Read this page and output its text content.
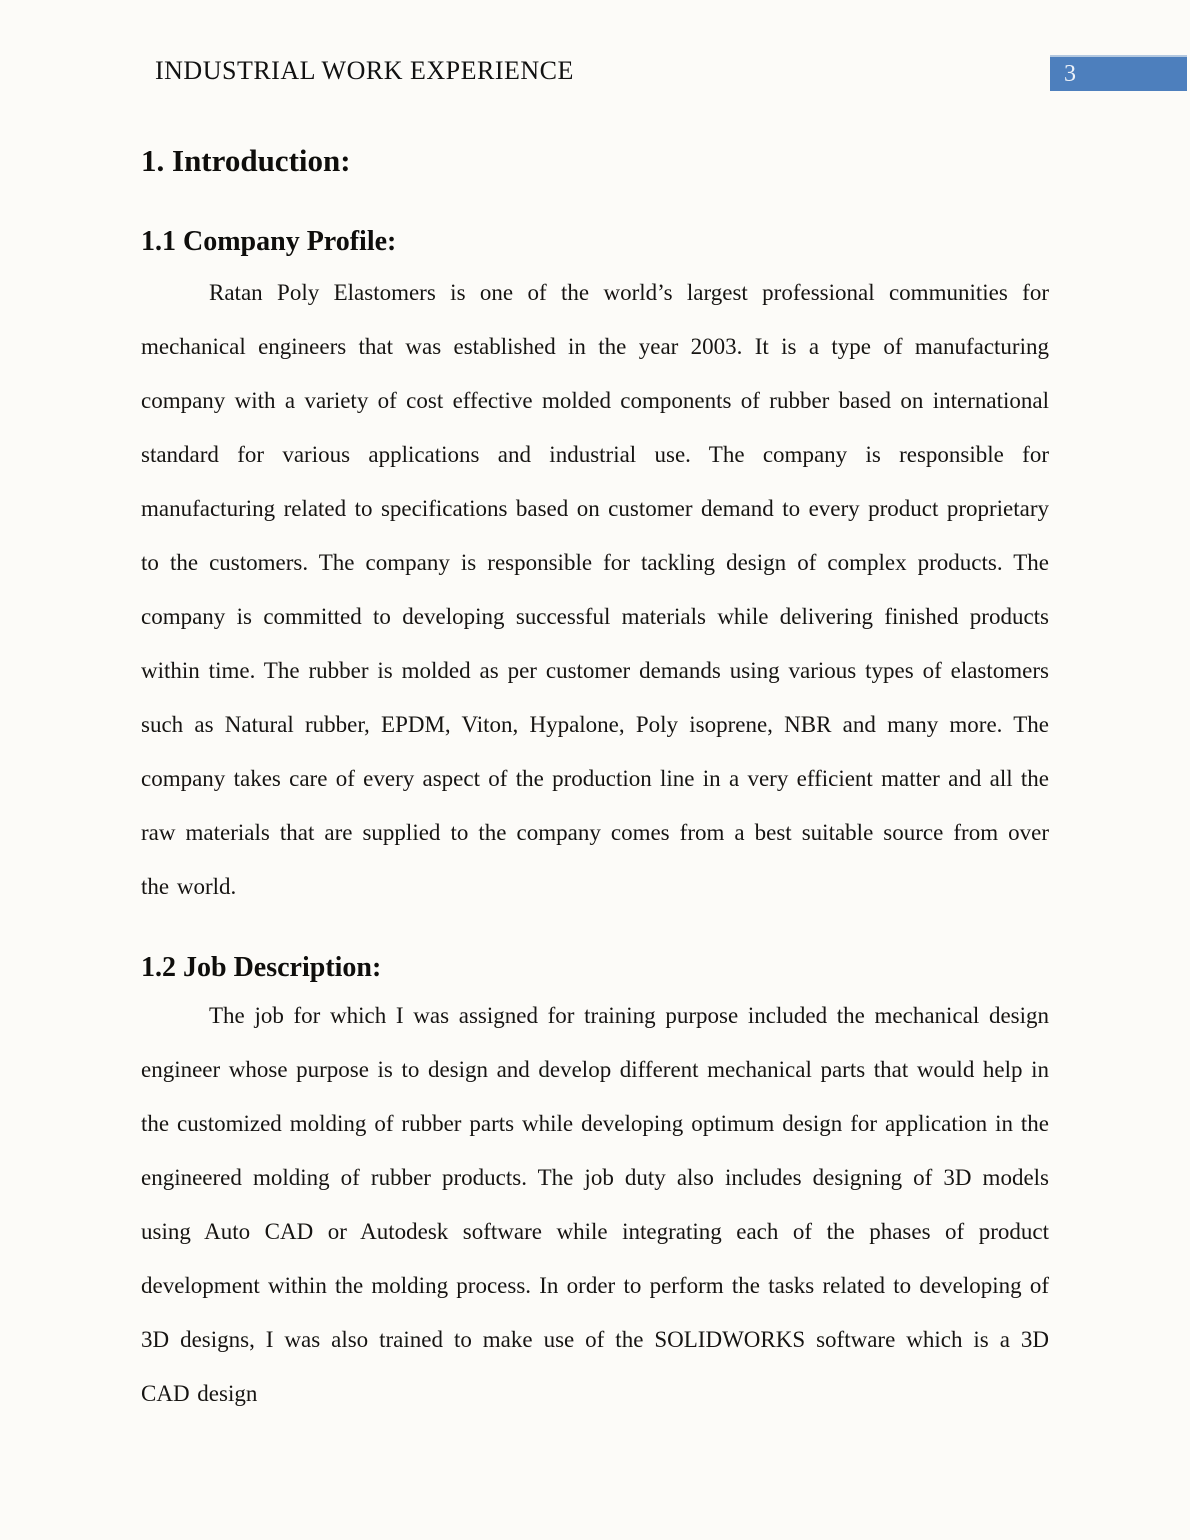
INDUSTRIAL WORK EXPERIENCE	3
1. Introduction:
1.1 Company Profile:

Ratan Poly Elastomers is one of the world’s largest professional communities for mechanical engineers that was established in the year 2003. It is a type of manufacturing company with a variety of cost effective molded components of rubber based on international standard for various applications and industrial use. The company is responsible for manufacturing related to specifications based on customer demand to every product proprietary to the customers. The company is responsible for tackling design of complex products. The company is committed to developing successful materials while delivering finished products within time. The rubber is molded as per customer demands using various types of elastomers such as Natural rubber, EPDM, Viton, Hypalone, Poly isoprene, NBR and many more. The company takes care of every aspect of the production line in a very efficient matter and all the raw materials that are supplied to the company comes from a best suitable source from over the world.

1.2 Job Description:

The job for which I was assigned for training purpose included the mechanical design engineer whose purpose is to design and develop different mechanical parts that would help in the customized molding of rubber parts while developing optimum design for application in the engineered molding of rubber products. The job duty also includes designing of 3D models using Auto CAD or Autodesk software while integrating each of the phases of product development within the molding process. In order to perform the tasks related to developing of 3D designs, I was also trained to make use of the SOLIDWORKS software which is a 3D CAD design
